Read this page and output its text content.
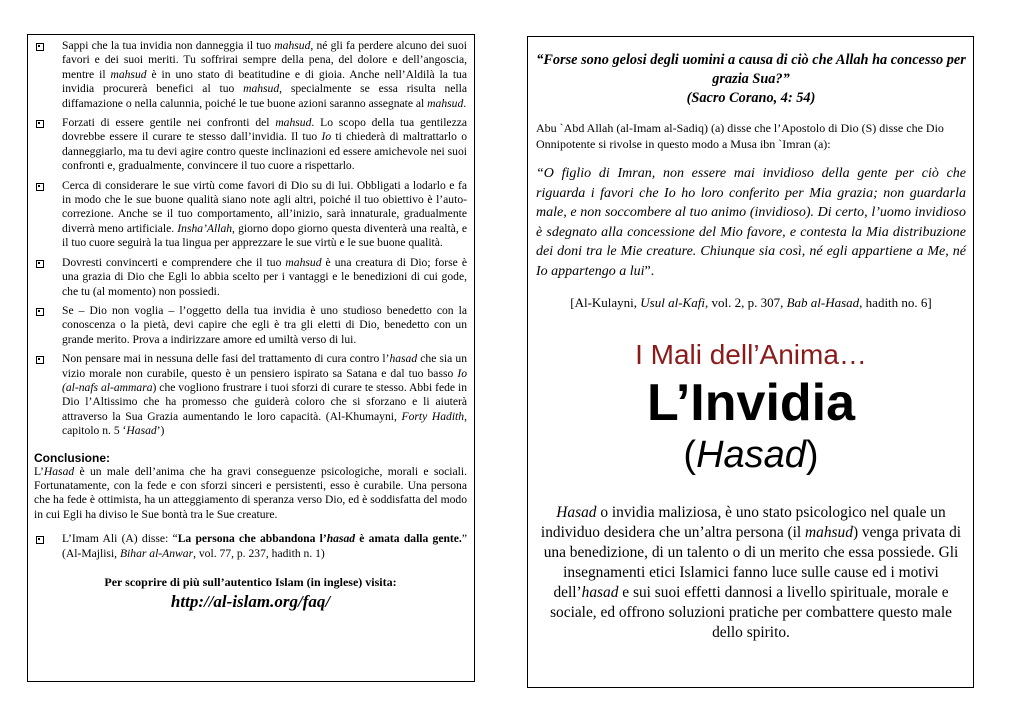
Sappi che la tua invidia non danneggia il tuo mahsud, né gli fa perdere alcuno dei suoi favori e dei suoi meriti. Tu soffrirai sempre della pena, del dolore e dell’angoscia, mentre il mahsud è in uno stato di beatitudine e di gioia. Anche nell’Aldilà la tua invidia procurerà benefici al tuo mahsud, specialmente se essa risulta nella diffamazione o nella calunnia, poiché le tue buone azioni saranno assegnate al mahsud.
Forzati di essere gentile nei confronti del mahsud. Lo scopo della tua gentilezza dovrebbe essere il curare te stesso dall’invidia. Il tuo Io ti chiederà di maltrattarlo o danneggiarlo, ma tu devi agire contro queste inclinazioni ed essere amichevole nei suoi confronti e, gradualmente, convincere il tuo cuore a rispettarlo.
Cerca di considerare le sue virtù come favori di Dio su di lui. Obbligati a lodarlo e fa in modo che le sue buone qualità siano note agli altri, poiché il tuo obiettivo è l’auto-correzione. Anche se il tuo comportamento, all’inizio, sarà innaturale, gradualmente diverrà meno artificiale. Insha’Allah, giorno dopo giorno questa diventerà una realtà, e il tuo cuore seguirà la tua lingua per apprezzare le sue virtù e le sue buone qualità.
Dovresti convincerti e comprendere che il tuo mahsud è una creatura di Dio; forse è una grazia di Dio che Egli lo abbia scelto per i vantaggi e le benedizioni di cui gode, che tu (al momento) non possiedi.
Se – Dio non voglia – l’oggetto della tua invidia è uno studioso benedetto con la conoscenza o la pietà, devi capire che egli è tra gli eletti di Dio, benedetto con un grande merito. Prova a indirizzare amore ed umiltà verso di lui.
Non pensare mai in nessuna delle fasi del trattamento di cura contro l’hasad che sia un vizio morale non curabile, questo è un pensiero ispirato sa Satana e dal tuo basso Io (al-nafs al-ammara) che vogliono frustrare i tuoi sforzi di curare te stesso. Abbi fede in Dio l’Altissimo che ha promesso che guiderà coloro che si sforzano e li aiuterà attraverso la Sua Grazia aumentando le loro capacità. (Al-Khumayni, Forty Hadith, capitolo n. 5 ‘Hasad’)
Conclusione:

L’Hasad è un male dell’anima che ha gravi conseguenze psicologiche, morali e sociali. Fortunatamente, con la fede e con sforzi sinceri e persistenti, esso è curabile. Una persona che ha fede è ottimista, ha un atteggiamento di speranza verso Dio, ed è soddisfatta del modo in cui Egli ha diviso le Sue bontà tra le Sue creature.

L’Imam Ali (A) disse: “La persona che abbandona l’hasad è amata dalla gente.” (Al-Majlisi, Bihar al-Anwar, vol. 77, p. 237, hadith n. 1)
Per scoprire di più sull’autentico Islam (in inglese) visita:
http://al-islam.org/faq/
“Forse sono gelosi degli uomini a causa di ciò che Allah ha concesso per grazia Sua?”
(Sacro Corano, 4: 54)

Abu `Abd Allah (al-Imam al-Sadiq) (a) disse che l’Apostolo di Dio (S) disse che Dio Onnipotente si rivolse in questo modo a Musa ibn `Imran (a):

“O figlio di Imran, non essere mai invidioso della gente per ciò che riguarda i favori che Io ho loro conferito per Mia grazia; non guardarla male, e non soccombere al tuo animo (invidioso). Di certo, l’uomo invidioso è sdegnato alla concessione del Mio favore, e contesta la Mia distribuzione dei doni tra le Mie creature. Chiunque sia così, né egli appartiene a Me, né Io appartengo a lui”.

[Al-Kulayni, Usul al-Kafi, vol. 2, p. 307, Bab al-Hasad, hadith no. 6]
I Mali dell’Anima…
L’Invidia
(Hasad)
Hasad o invidia maliziosa, è uno stato psicologico nel quale un individuo desidera che un’altra persona (il mahsud) venga privata di una benedizione, di un talento o di un merito che essa possiede. Gli insegnamenti etici Islamici fanno luce sulle cause ed i motivi dell’hasad e sui suoi effetti dannosi a livello spirituale, morale e sociale, ed offrono soluzioni pratiche per combattere questo male dello spirito.
